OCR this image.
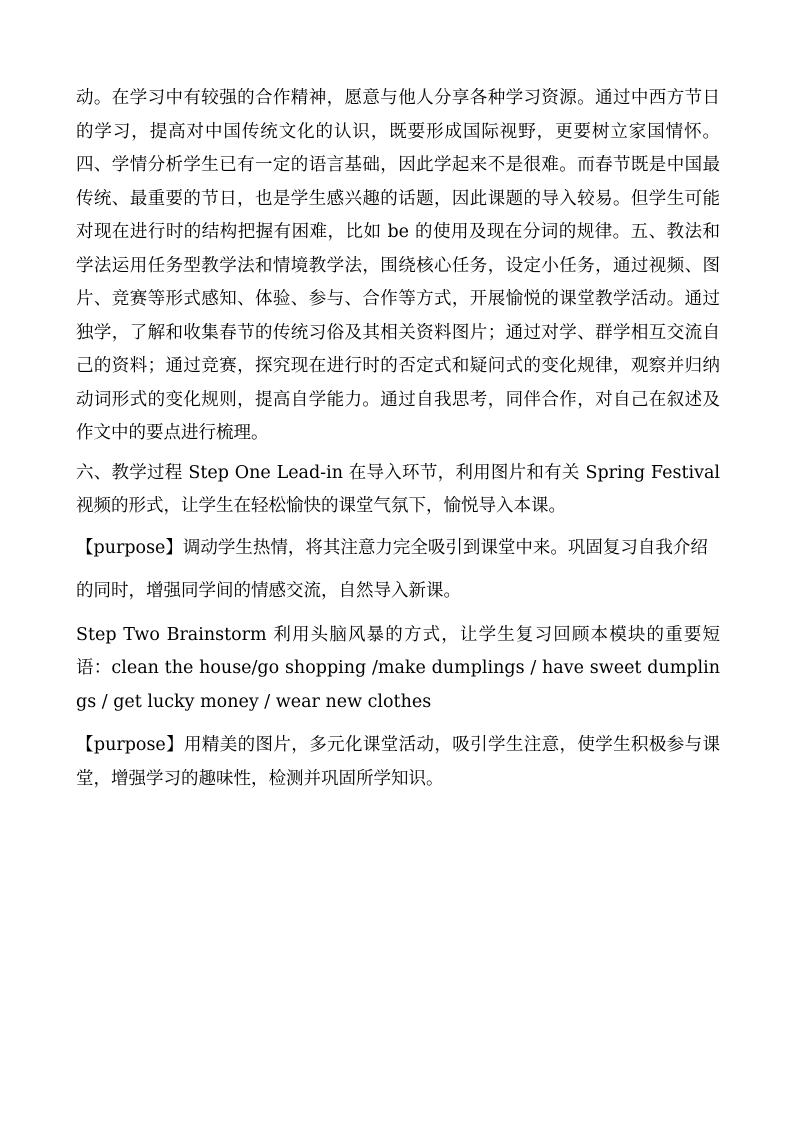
动。在学习中有较强的合作精神，愿意与他人分享各种学习资源。通过中西方节日的学习，提高对中国传统文化的认识，既要形成国际视野，更要树立家国情怀。四、学情分析学生已有一定的语言基础，因此学起来不是很难。而春节既是中国最传统、最重要的节日，也是学生感兴趣的话题，因此课题的导入较易。但学生可能对现在进行时的结构把握有困难，比如 be 的使用及现在分词的规律。五、教法和学法运用任务型教学法和情境教学法，围绕核心任务，设定小任务，通过视频、图片、竞赛等形式感知、体验、参与、合作等方式，开展愉悦的课堂教学活动。通过独学，了解和收集春节的传统习俗及其相关资料图片；通过对学、群学相互交流自己的资料；通过竞赛，探究现在进行时的否定式和疑问式的变化规律，观察并归纳动词形式的变化规则，提高自学能力。通过自我思考，同伴合作，对自己在叙述及作文中的要点进行梳理。

六、教学过程 Step One Lead-in 在导入环节，利用图片和有关 Spring Festival 视频的形式，让学生在轻松愉快的课堂气氛下，愉悦导入本课。

【purpose】调动学生热情，将其注意力完全吸引到课堂中来。巩固复习自我介绍

的同时，增强同学间的情感交流，自然导入新课。

Step Two Brainstorm 利用头脑风暴的方式，让学生复习回顾本模块的重要短语：clean the house/go shopping /make dumplings / have sweet dumplings / get lucky money / wear new clothes

【purpose】用精美的图片，多元化课堂活动，吸引学生注意，使学生积极参与课堂，增强学习的趣味性，检测并巩固所学知识。
